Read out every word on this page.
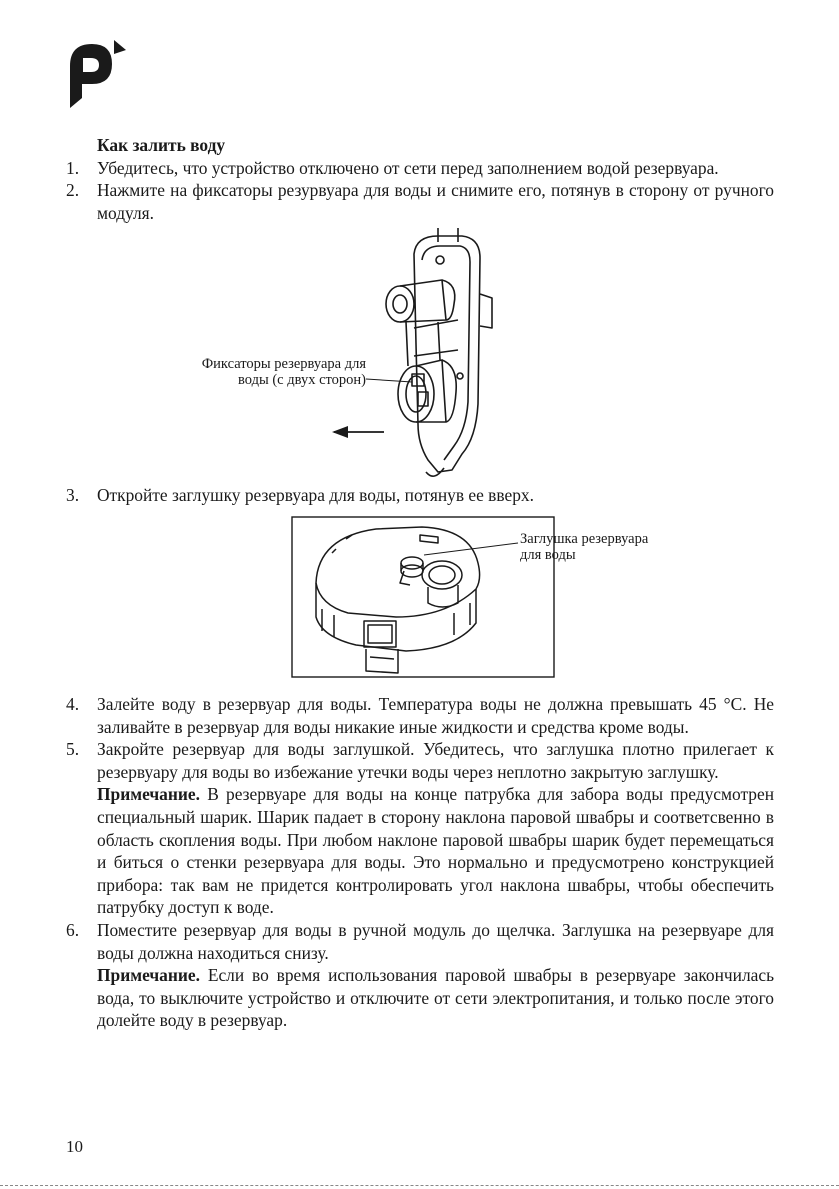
Как залить воду
1. Убедитесь, что устройство отключено от сети перед заполнением водой резервуара.
2. Нажмите на фиксаторы резурвуара для воды и снимите его, потянув в сторону от ручного модуля.
Фиксаторы резервуара для
воды (с двух сторон)
3. Откройте заглушку резервуара для воды, потянув ее вверх.
Заглушка резервуара
для воды
4. Залейте воду в резервуар для воды. Температура воды не должна превышать 45 °С. Не заливайте в резервуар для воды никакие иные жидкости и средства кроме воды.
5. Закройте резервуар для воды заглушкой. Убедитесь, что заглушка плотно прилегает к резервуару для воды во избежание утечки воды через неплотно закрытую заглушку.
Примечание. В резервуаре для воды на конце патрубка для забора воды предусмотрен специальный шарик. Шарик падает в сторону наклона паровой швабры и соответсвенно в область скопления воды. При любом наклоне паровой швабры шарик будет перемещаться и биться о стенки резервуара для воды. Это нормально и предусмотрено конструкцией прибора: так вам не придется контролировать угол наклона швабры, чтобы обеспечить патрубку доступ к воде.
6. Поместите резервуар для воды в ручной модуль до щелчка. Заглушка на резервуаре для воды должна находиться снизу.
Примечание. Если во время использования паровой швабры в резервуаре закончилась вода, то выключите устройство и отключите от сети электропитания, и только после этого долейте воду в резервуар.
10
